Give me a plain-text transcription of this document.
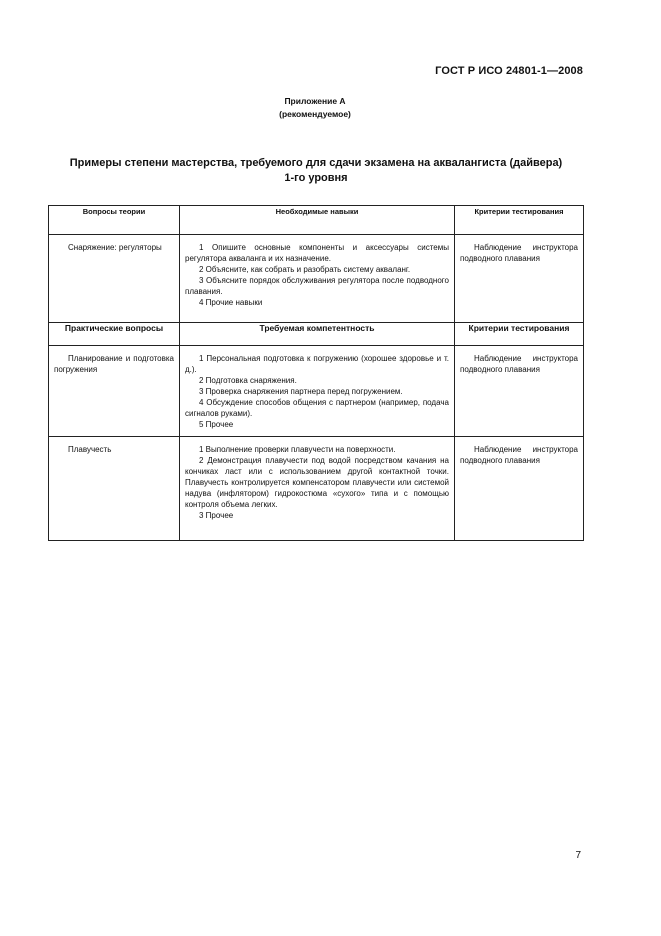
ГОСТ Р ИСО 24801-1—2008
Приложение А
(рекомендуемое)
Примеры степени мастерства, требуемого для сдачи экзамена на аквалангиста (дайвера)
1-го уровня
Вопросы теории	Необходимые навыки	Критерии тестирования

Снаряжение: регуляторы	1 Опишите основные компоненты и аксессуары системы регулятора акваланга и их назначение.
2 Объясните, как собрать и разобрать систему акваланг.
3 Объясните порядок обслуживания регулятора после подводного плавания.
4 Прочие навыки	Наблюдение инструктора подводного плавания

Практические вопросы	Требуемая компетентность	Критерии тестирования

Планирование и подготовка погружения	1 Персональная подготовка к погружению (хорошее здоровье и т. д.).
2 Подготовка снаряжения.
3 Проверка снаряжения партнера перед погружением.
4 Обсуждение способов общения с партнером (например, подача сигналов руками).
5 Прочее	Наблюдение инструктора подводного плавания

Плавучесть	1 Выполнение проверки плавучести на поверхности.
2 Демонстрация плавучести под водой посредством качания на кончиках ласт или с использованием другой контактной точки. Плавучесть контролируется компенсатором плавучести или системой надува (инфлятором) гидрокостюма «сухого» типа и с помощью контроля объема легких.
3 Прочее	Наблюдение инструктора подводного плавания
7
